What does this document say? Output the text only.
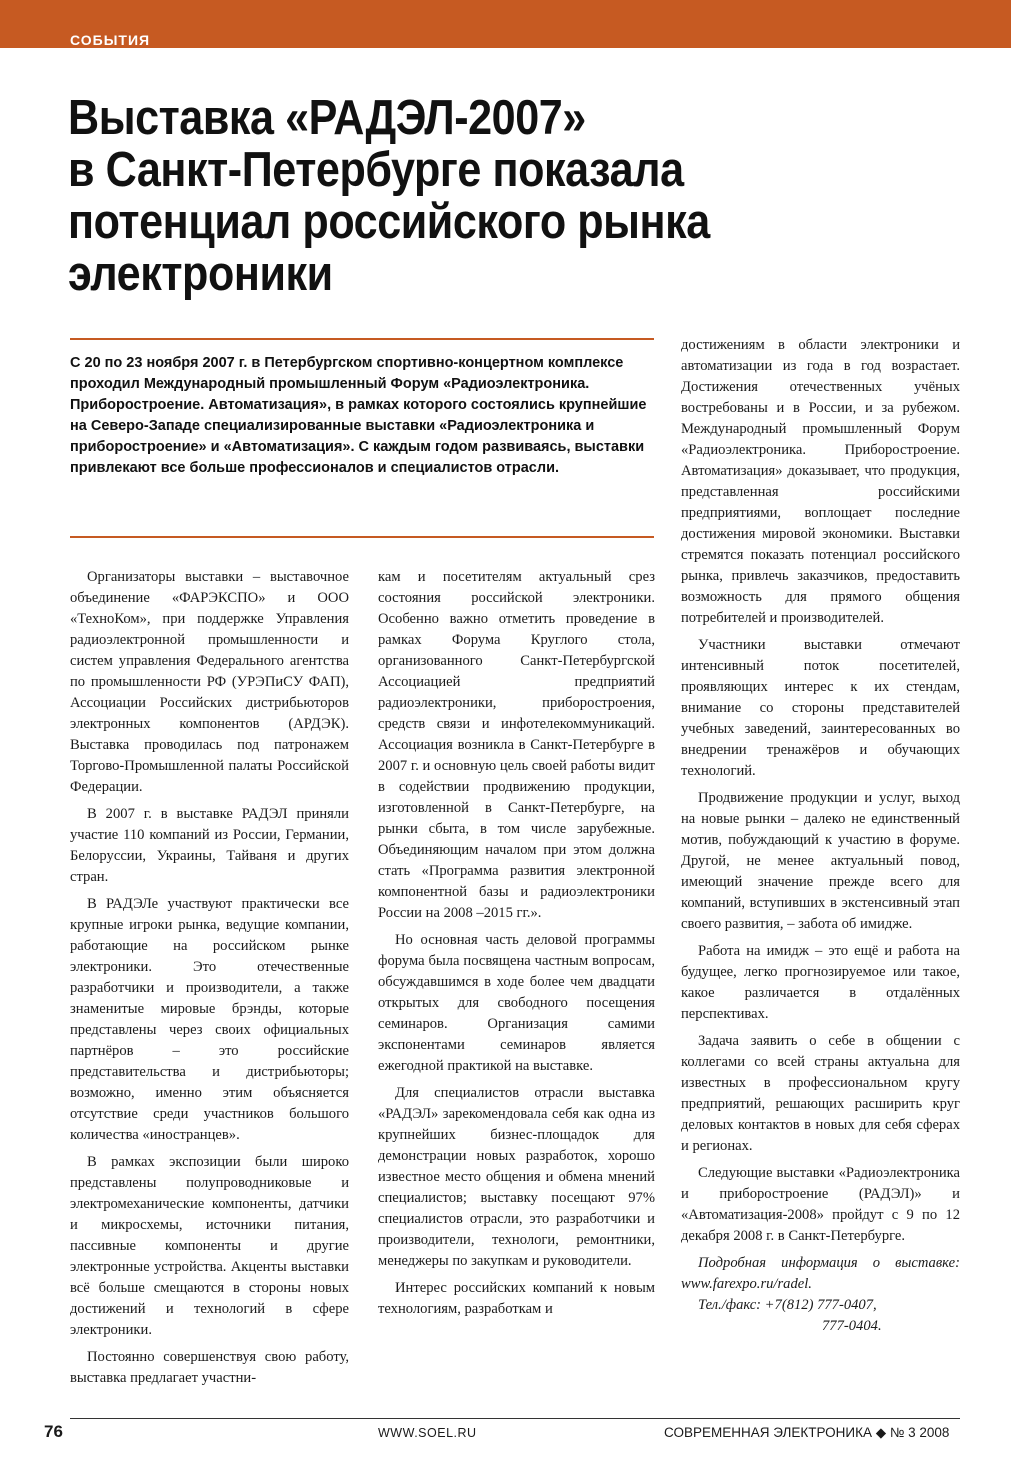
СОБЫТИЯ
Выставка «РАДЭЛ-2007»
в Санкт-Петербурге показала
потенциал российского рынка
электроники

С 20 по 23 ноября 2007 г. в Петербургском спортивно-концертном комплексе проходил Международный промышленный Форум «Радиоэлектроника. Приборостроение. Автоматизация», в рамках которого состоялись крупнейшие на Северо-Западе специализированные выставки «Радиоэлектроника и приборостроение» и «Автоматизация». С каждым годом развиваясь, выставки привлекают все больше профессионалов и специалистов отрасли.

Организаторы выставки – выставочное объединение «ФАРЭКСПО» и ООО «ТехноКом», при поддержке Управления радиоэлектронной промышленности и систем управления Федерального агентства по промышленности РФ (УРЭПиСУ ФАП), Ассоциации Российских дистрибьюторов электронных компонентов (АРДЭК). Выставка проводилась под патронажем Торгово-Промышленной палаты Российской Федерации.

В 2007 г. в выставке РАДЭЛ приняли участие 110 компаний из России, Германии, Белоруссии, Украины, Тайваня и других стран.

В РАДЭЛе участвуют практически все крупные игроки рынка, ведущие компании, работающие на российском рынке электроники. Это отечественные разработчики и производители, а также знаменитые мировые брэнды, которые представлены через своих официальных партнёров – это российские представительства и дистрибьюторы; возможно, именно этим объясняется отсутствие среди участников большого количества «иностранцев».

В рамках экспозиции были широко представлены полупроводниковые и электромеханические компоненты, датчики и микросхемы, источники питания, пассивные компоненты и другие электронные устройства. Акценты выставки всё больше смещаются в стороны новых достижений и технологий в сфере электроники.

Постоянно совершенствуя свою работу, выставка предлагает участни-

кам и посетителям актуальный срез состояния российской электроники. Особенно важно отметить проведение в рамках Форума Круглого стола, организованного Санкт-Петербургской Ассоциацией предприятий радиоэлектроники, приборостроения, средств связи и инфотелекоммуникаций. Ассоциация возникла в Санкт-Петербурге в 2007 г. и основную цель своей работы видит в содействии продвижению продукции, изготовленной в Санкт-Петербурге, на рынки сбыта, в том числе зарубежные. Объединяющим началом при этом должна стать «Программа развития электронной компонентной базы и радиоэлектроники России на 2008 –2015 гг.».

Но основная часть деловой программы форума была посвящена частным вопросам, обсуждавшимся в ходе более чем двадцати открытых для свободного посещения семинаров. Организация самими экспонентами семинаров является ежегодной практикой на выставке.

Для специалистов отрасли выставка «РАДЭЛ» зарекомендовала себя как одна из крупнейших бизнес-площадок для демонстрации новых разработок, хорошо известное место общения и обмена мнений специалистов; выставку посещают 97% специалистов отрасли, это разработчики и производители, технологи, ремонтники, менеджеры по закупкам и руководители.

Интерес российских компаний к новым технологиям, разработкам и

достижениям в области электроники и автоматизации из года в год возрастает. Достижения отечественных учёных востребованы и в России, и за рубежом. Международный промышленный Форум «Радиоэлектроника. Приборостроение. Автоматизация» доказывает, что продукция, представленная российскими предприятиями, воплощает последние достижения мировой экономики. Выставки стремятся показать потенциал российского рынка, привлечь заказчиков, предоставить возможность для прямого общения потребителей и производителей.

Участники выставки отмечают интенсивный поток посетителей, проявляющих интерес к их стендам, внимание со стороны представителей учебных заведений, заинтересованных во внедрении тренажёров и обучающих технологий.

Продвижение продукции и услуг, выход на новые рынки – далеко не единственный мотив, побуждающий к участию в форуме. Другой, не менее актуальный повод, имеющий значение прежде всего для компаний, вступивших в экстенсивный этап своего развития, – забота об имидже.

Работа на имидж – это ещё и работа на будущее, легко прогнозируемое или такое, какое различается в отдалённых перспективах.

Задача заявить о себе в общении с коллегами со всей страны актуальна для известных в профессиональном кругу предприятий, решающих расширить круг деловых контактов в новых для себя сферах и регионах.

Следующие выставки «Радиоэлектроника и приборостроение (РАДЭЛ)» и «Автоматизация-2008» пройдут с 9 по 12 декабря 2008 г. в Санкт-Петербурге.

Подробная информация о выставке: www.farexpo.ru/radel.

Тел./факс: +7(812) 777-0407,

777-0404.

76	WWW.SOEL.RU	СОВРЕМЕННАЯ ЭЛЕКТРОНИКА ◆ № 3 2008
